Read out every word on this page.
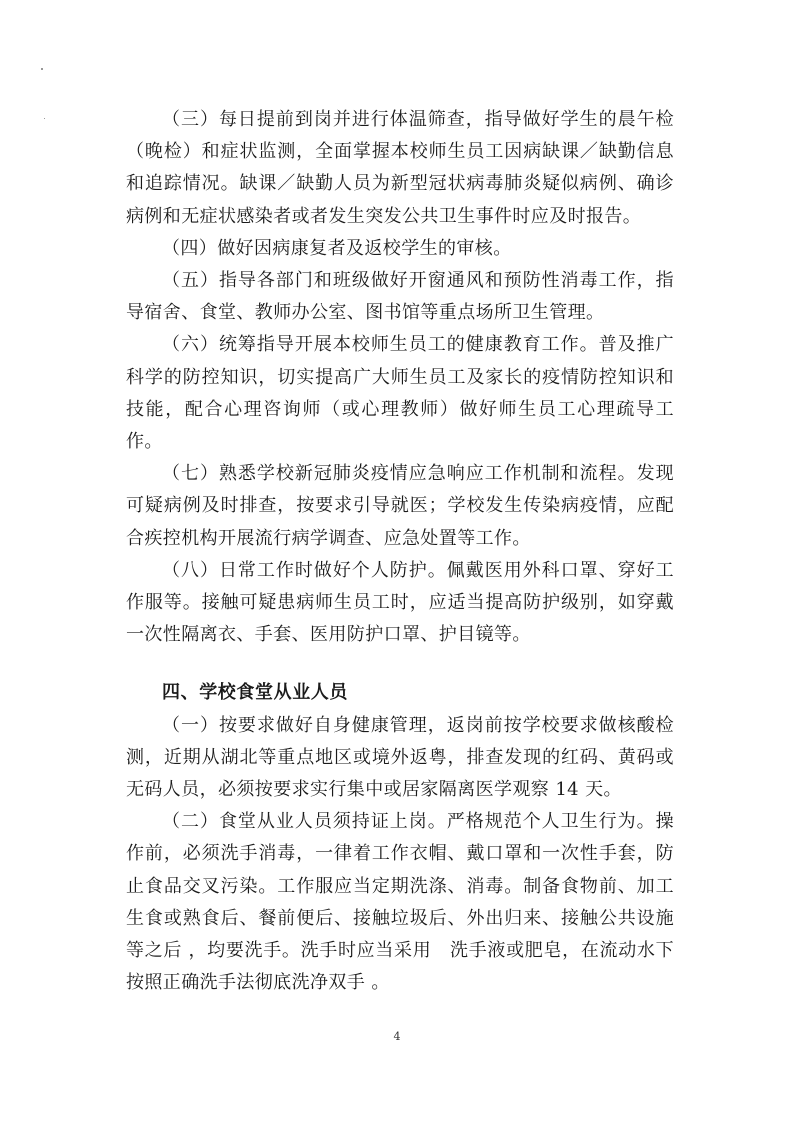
（三）每日提前到岗并进行体温筛查，指导做好学生的晨午检（晚检）和症状监测，全面掌握本校师生员工因病缺课／缺勤信息和追踪情况。缺课／缺勤人员为新型冠状病毒肺炎疑似病例、确诊病例和无症状感染者或者发生突发公共卫生事件时应及时报告。

（四）做好因病康复者及返校学生的审核。

（五）指导各部门和班级做好开窗通风和预防性消毒工作，指导宿舍、食堂、教师办公室、图书馆等重点场所卫生管理。

（六）统筹指导开展本校师生员工的健康教育工作。普及推广科学的防控知识，切实提高广大师生员工及家长的疫情防控知识和技能，配合心理咨询师（或心理教师）做好师生员工心理疏导工作。

（七）熟悉学校新冠肺炎疫情应急响应工作机制和流程。发现可疑病例及时排查，按要求引导就医；学校发生传染病疫情，应配合疾控机构开展流行病学调查、应急处置等工作。

（八）日常工作时做好个人防护。佩戴医用外科口罩、穿好工作服等。接触可疑患病师生员工时，应适当提高防护级别，如穿戴一次性隔离衣、手套、医用防护口罩、护目镜等。

四、学校食堂从业人员

（一）按要求做好自身健康管理，返岗前按学校要求做核酸检测，近期从湖北等重点地区或境外返粤，排查发现的红码、黄码或无码人员，必须按要求实行集中或居家隔离医学观察 14 天。

（二）食堂从业人员须持证上岗。严格规范个人卫生行为。操作前，必须洗手消毒，一律着工作衣帽、戴口罩和一次性手套，防止食品交叉污染。工作服应当定期洗涤、消毒。制备食物前、加工生食或熟食后、餐前便后、接触垃圾后、外出归来、接触公共设施等之后 ，均要洗手。洗手时应当采用　洗手液或肥皂，在流动水下按照正确洗手法彻底洗净双手 。

4
